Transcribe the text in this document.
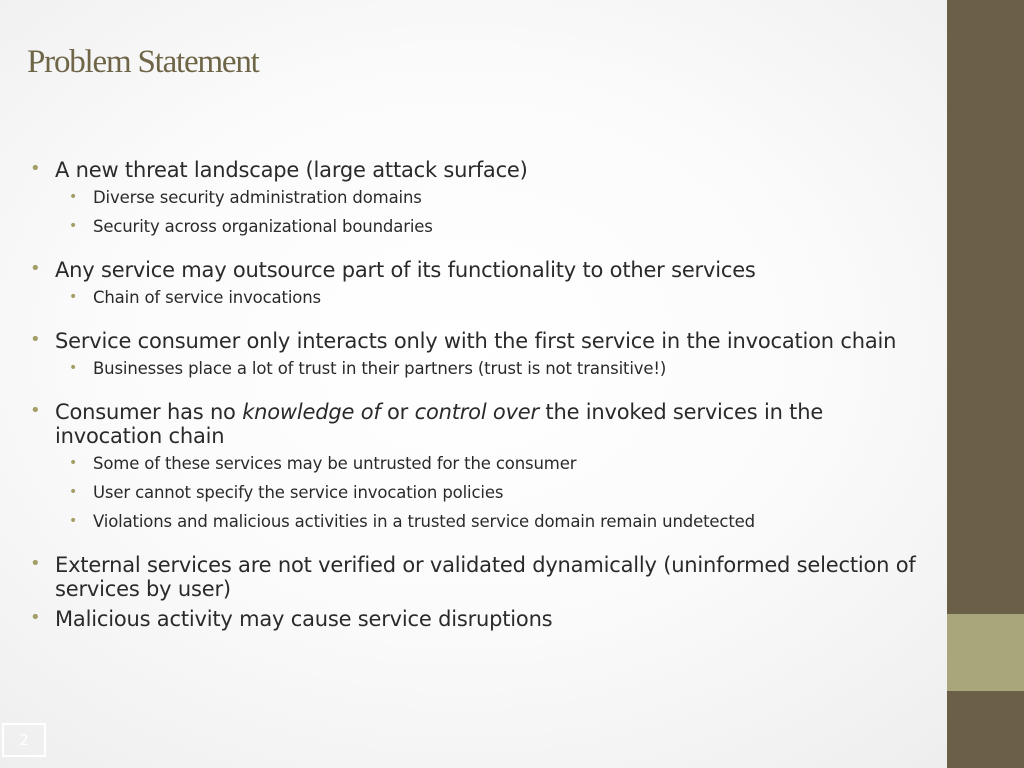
Problem Statement
• A new threat landscape (large attack surface)
• Diverse security administration domains
• Security across organizational boundaries
• Any service may outsource part of its functionality to other services
• Chain of service invocations
• Service consumer only interacts only with the first service in the invocation chain
• Businesses place a lot of trust in their partners (trust is not transitive!)
• Consumer has no knowledge of or control over the invoked services in the invocation chain
• Some of these services may be untrusted for the consumer
• User cannot specify the service invocation policies
• Violations and malicious activities in a trusted service domain remain undetected
• External services are not verified or validated dynamically (uninformed selection of services by user)
• Malicious activity may cause service disruptions
2
